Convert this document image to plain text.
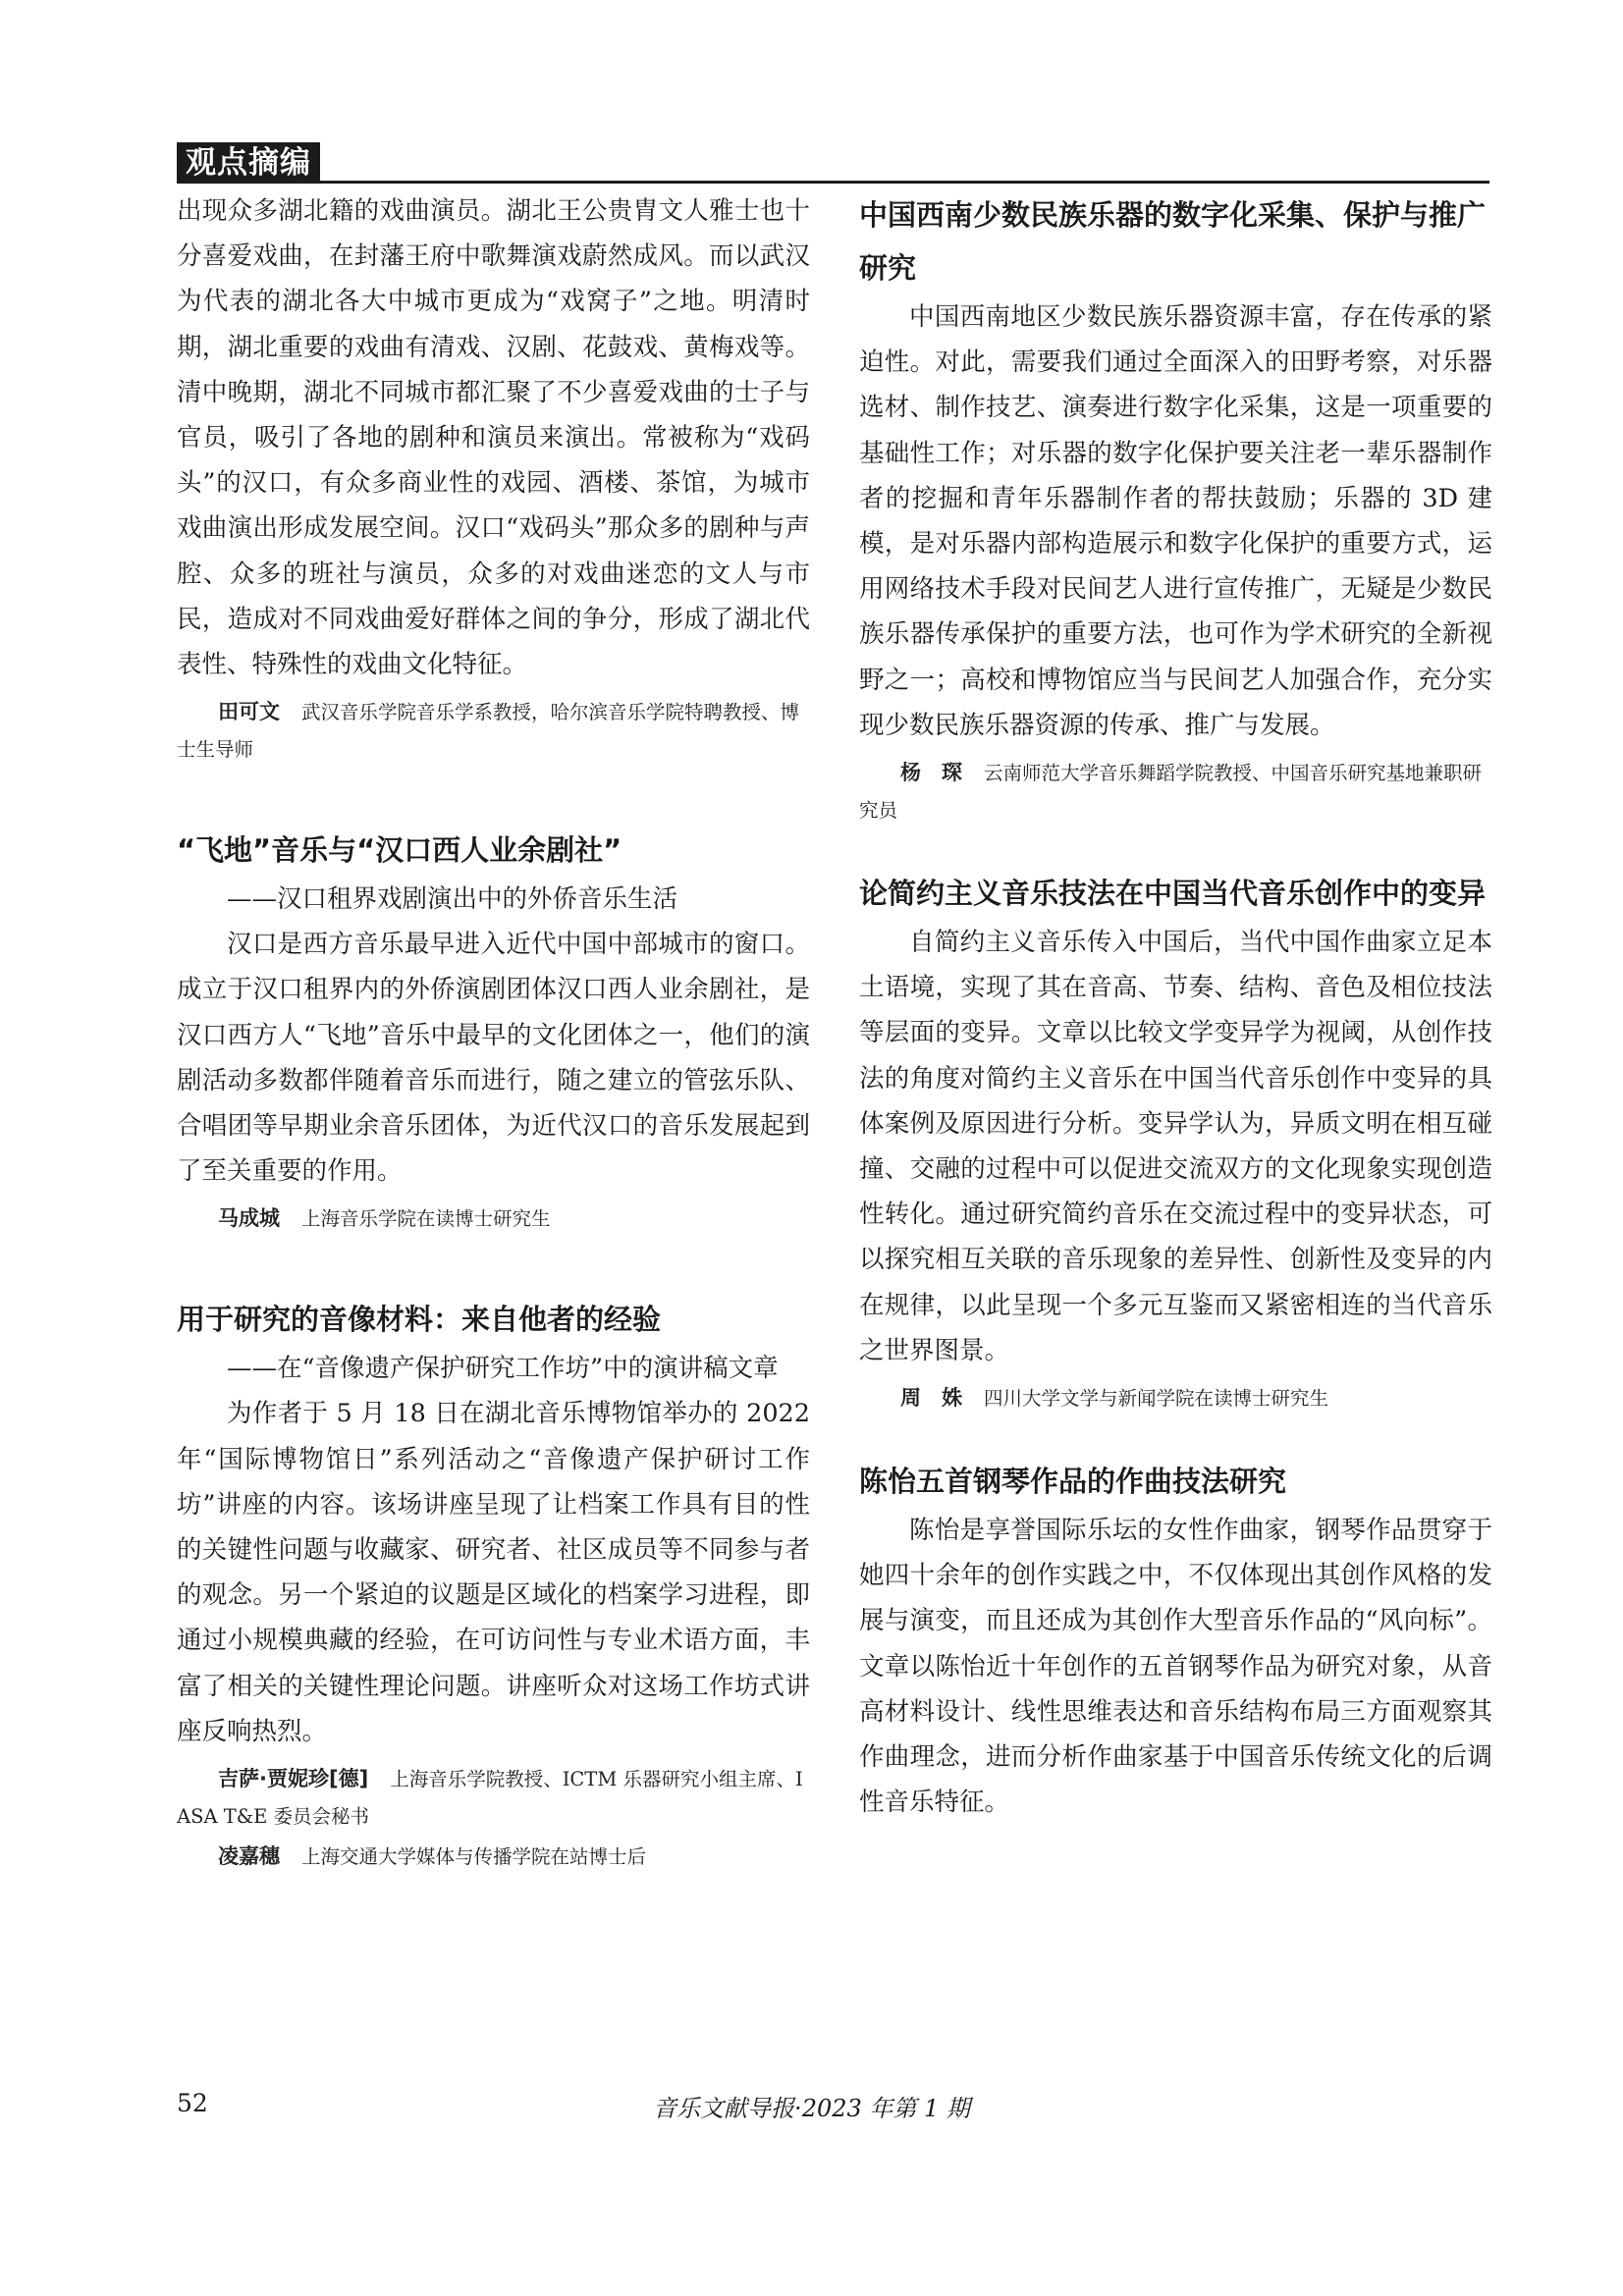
观点摘编

出现众多湖北籍的戏曲演员。湖北王公贵胄文人雅士也十分喜爱戏曲，在封藩王府中歌舞演戏蔚然成风。而以武汉为代表的湖北各大中城市更成为“戏窝子”之地。明清时期，湖北重要的戏曲有清戏、汉剧、花鼓戏、黄梅戏等。清中晚期，湖北不同城市都汇聚了不少喜爱戏曲的士子与官员，吸引了各地的剧种和演员来演出。常被称为“戏码头”的汉口，有众多商业性的戏园、酒楼、茶馆，为城市戏曲演出形成发展空间。汉口“戏码头”那众多的剧种与声腔、众多的班社与演员，众多的对戏曲迷恋的文人与市民，造成对不同戏曲爱好群体之间的争分，形成了湖北代表性、特殊性的戏曲文化特征。

田可文 武汉音乐学院音乐学系教授，哈尔滨音乐学院特聘教授、博士生导师

“飞地”音乐与“汉口西人业余剧社”

——汉口租界戏剧演出中的外侨音乐生活

汉口是西方音乐最早进入近代中国中部城市的窗口。成立于汉口租界内的外侨演剧团体汉口西人业余剧社，是汉口西方人“飞地”音乐中最早的文化团体之一，他们的演剧活动多数都伴随着音乐而进行，随之建立的管弦乐队、合唱团等早期业余音乐团体，为近代汉口的音乐发展起到了至关重要的作用。

马成城 上海音乐学院在读博士研究生

用于研究的音像材料：来自他者的经验

——在“音像遗产保护研究工作坊”中的演讲稿文章

为作者于 5 月 18 日在湖北音乐博物馆举办的 2022 年“国际博物馆日”系列活动之“音像遗产保护研讨工作坊”讲座的内容。该场讲座呈现了让档案工作具有目的性的关键性问题与收藏家、研究者、社区成员等不同参与者的观念。另一个紧迫的议题是区域化的档案学习进程，即通过小规模典藏的经验，在可访问性与专业术语方面，丰富了相关的关键性理论问题。讲座听众对这场工作坊式讲座反响热烈。

吉萨·贾妮珍[德] 上海音乐学院教授、ICTM 乐器研究小组主席、IASA T&E 委员会秘书

凌嘉穗 上海交通大学媒体与传播学院在站博士后

中国西南少数民族乐器的数字化采集、保护与推广研究

中国西南地区少数民族乐器资源丰富，存在传承的紧迫性。对此，需要我们通过全面深入的田野考察，对乐器选材、制作技艺、演奏进行数字化采集，这是一项重要的基础性工作；对乐器的数字化保护要关注老一辈乐器制作者的挖掘和青年乐器制作者的帮扶鼓励；乐器的 3D 建模，是对乐器内部构造展示和数字化保护的重要方式，运用网络技术手段对民间艺人进行宣传推广，无疑是少数民族乐器传承保护的重要方法，也可作为学术研究的全新视野之一；高校和博物馆应当与民间艺人加强合作，充分实现少数民族乐器资源的传承、推广与发展。

杨　琛 云南师范大学音乐舞蹈学院教授、中国音乐研究基地兼职研究员

论简约主义音乐技法在中国当代音乐创作中的变异

自简约主义音乐传入中国后，当代中国作曲家立足本土语境，实现了其在音高、节奏、结构、音色及相位技法等层面的变异。文章以比较文学变异学为视阈，从创作技法的角度对简约主义音乐在中国当代音乐创作中变异的具体案例及原因进行分析。变异学认为，异质文明在相互碰撞、交融的过程中可以促进交流双方的文化现象实现创造性转化。通过研究简约音乐在交流过程中的变异状态，可以探究相互关联的音乐现象的差异性、创新性及变异的内在规律，以此呈现一个多元互鉴而又紧密相连的当代音乐之世界图景。

周　姝 四川大学文学与新闻学院在读博士研究生

陈怡五首钢琴作品的作曲技法研究

陈怡是享誉国际乐坛的女性作曲家，钢琴作品贯穿于她四十余年的创作实践之中，不仅体现出其创作风格的发展与演变，而且还成为其创作大型音乐作品的“风向标”。文章以陈怡近十年创作的五首钢琴作品为研究对象，从音高材料设计、线性思维表达和音乐结构布局三方面观察其作曲理念，进而分析作曲家基于中国音乐传统文化的后调性音乐特征。

52	音乐文献导报·2023 年第 1 期
